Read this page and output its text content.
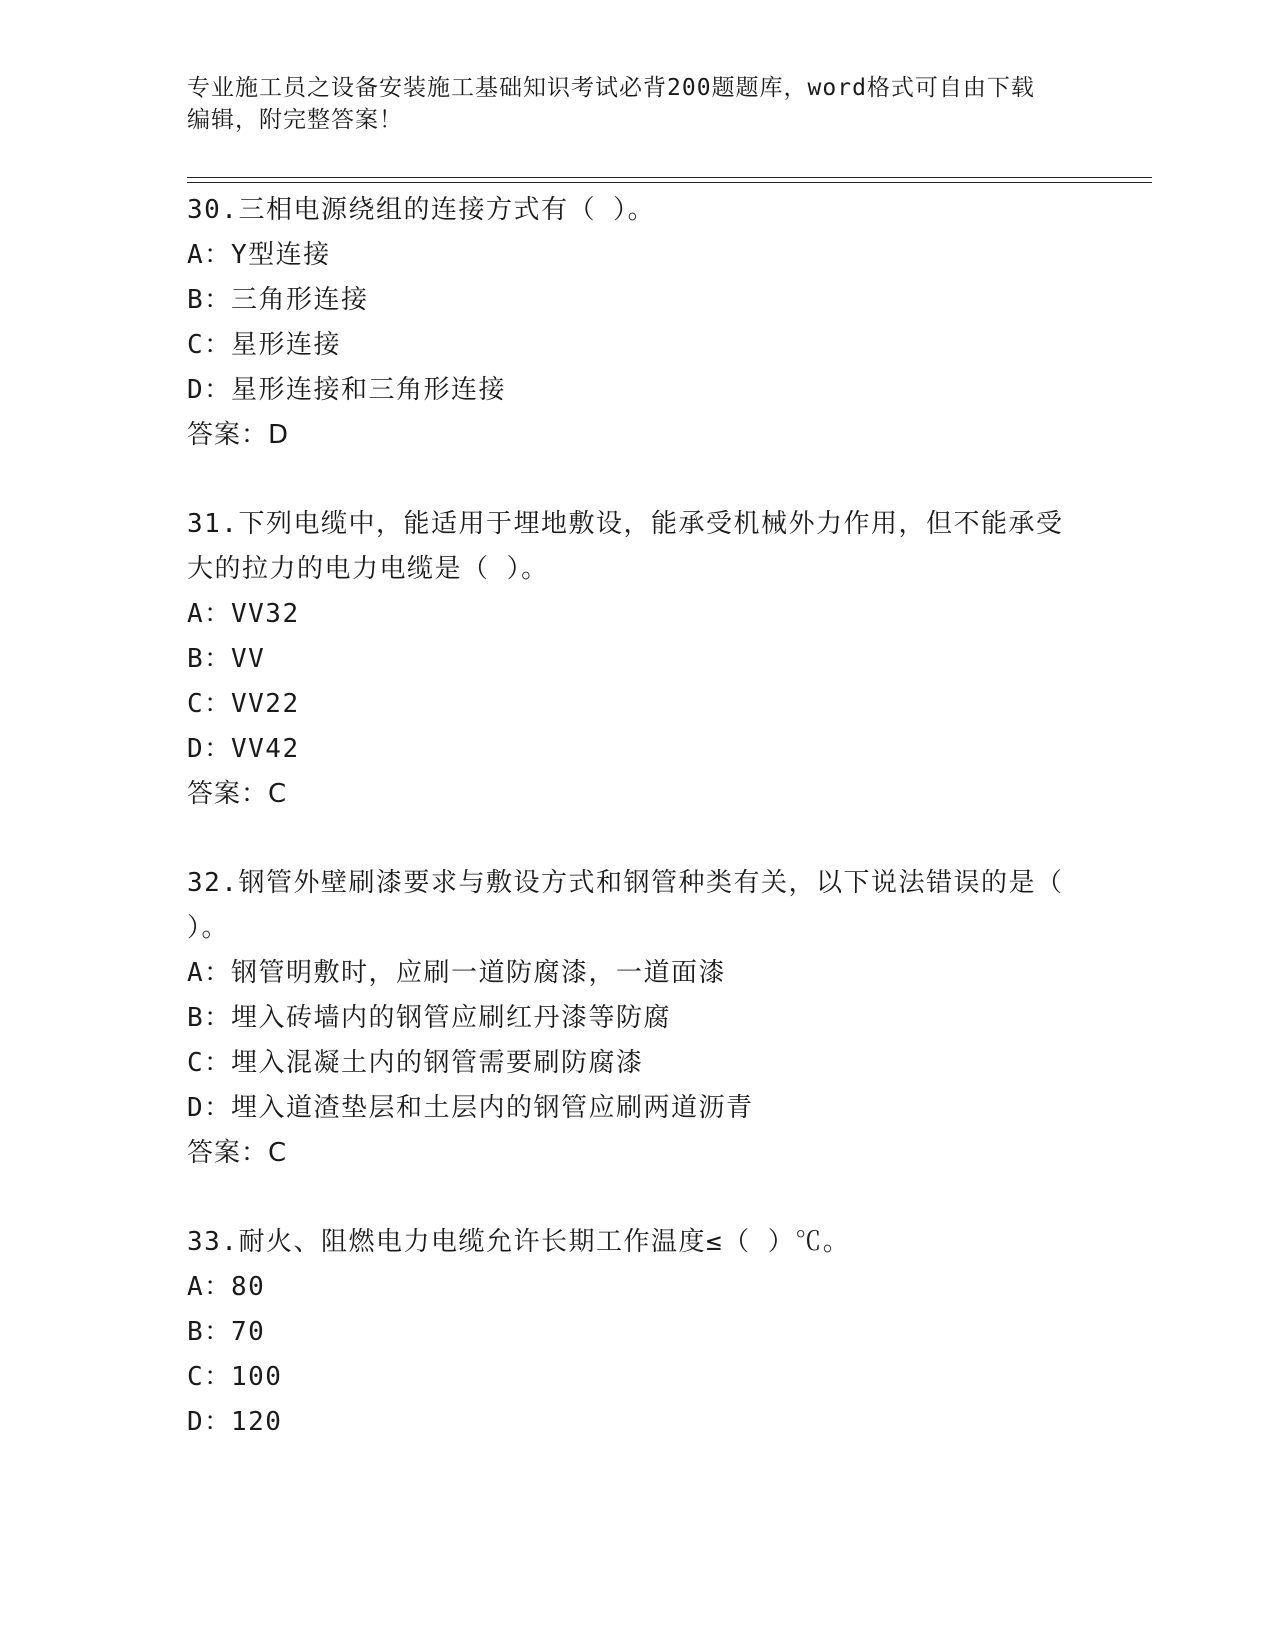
专业施工员之设备安装施工基础知识考试必背200题题库，word格式可自由下载
编辑，附完整答案！
30.三相电源绕组的连接方式有（ ）。
A： Y型连接
B： 三角形连接
C： 星形连接
D： 星形连接和三角形连接
答案：D
31.下列电缆中，能适用于埋地敷设，能承受机械外力作用，但不能承受大的拉力的电力电缆是（ ）。
A： VV32
B： VV
C： VV22
D： VV42
答案：C
32.钢管外壁刷漆要求与敷设方式和钢管种类有关，以下说法错误的是（ ）。
A： 钢管明敷时，应刷一道防腐漆，一道面漆
B： 埋入砖墙内的钢管应刷红丹漆等防腐
C： 埋入混凝土内的钢管需要刷防腐漆
D： 埋入道渣垫层和土层内的钢管应刷两道沥青
答案：C
33.耐火、阻燃电力电缆允许长期工作温度≤（ ）℃。
A： 80
B： 70
C： 100
D： 120
